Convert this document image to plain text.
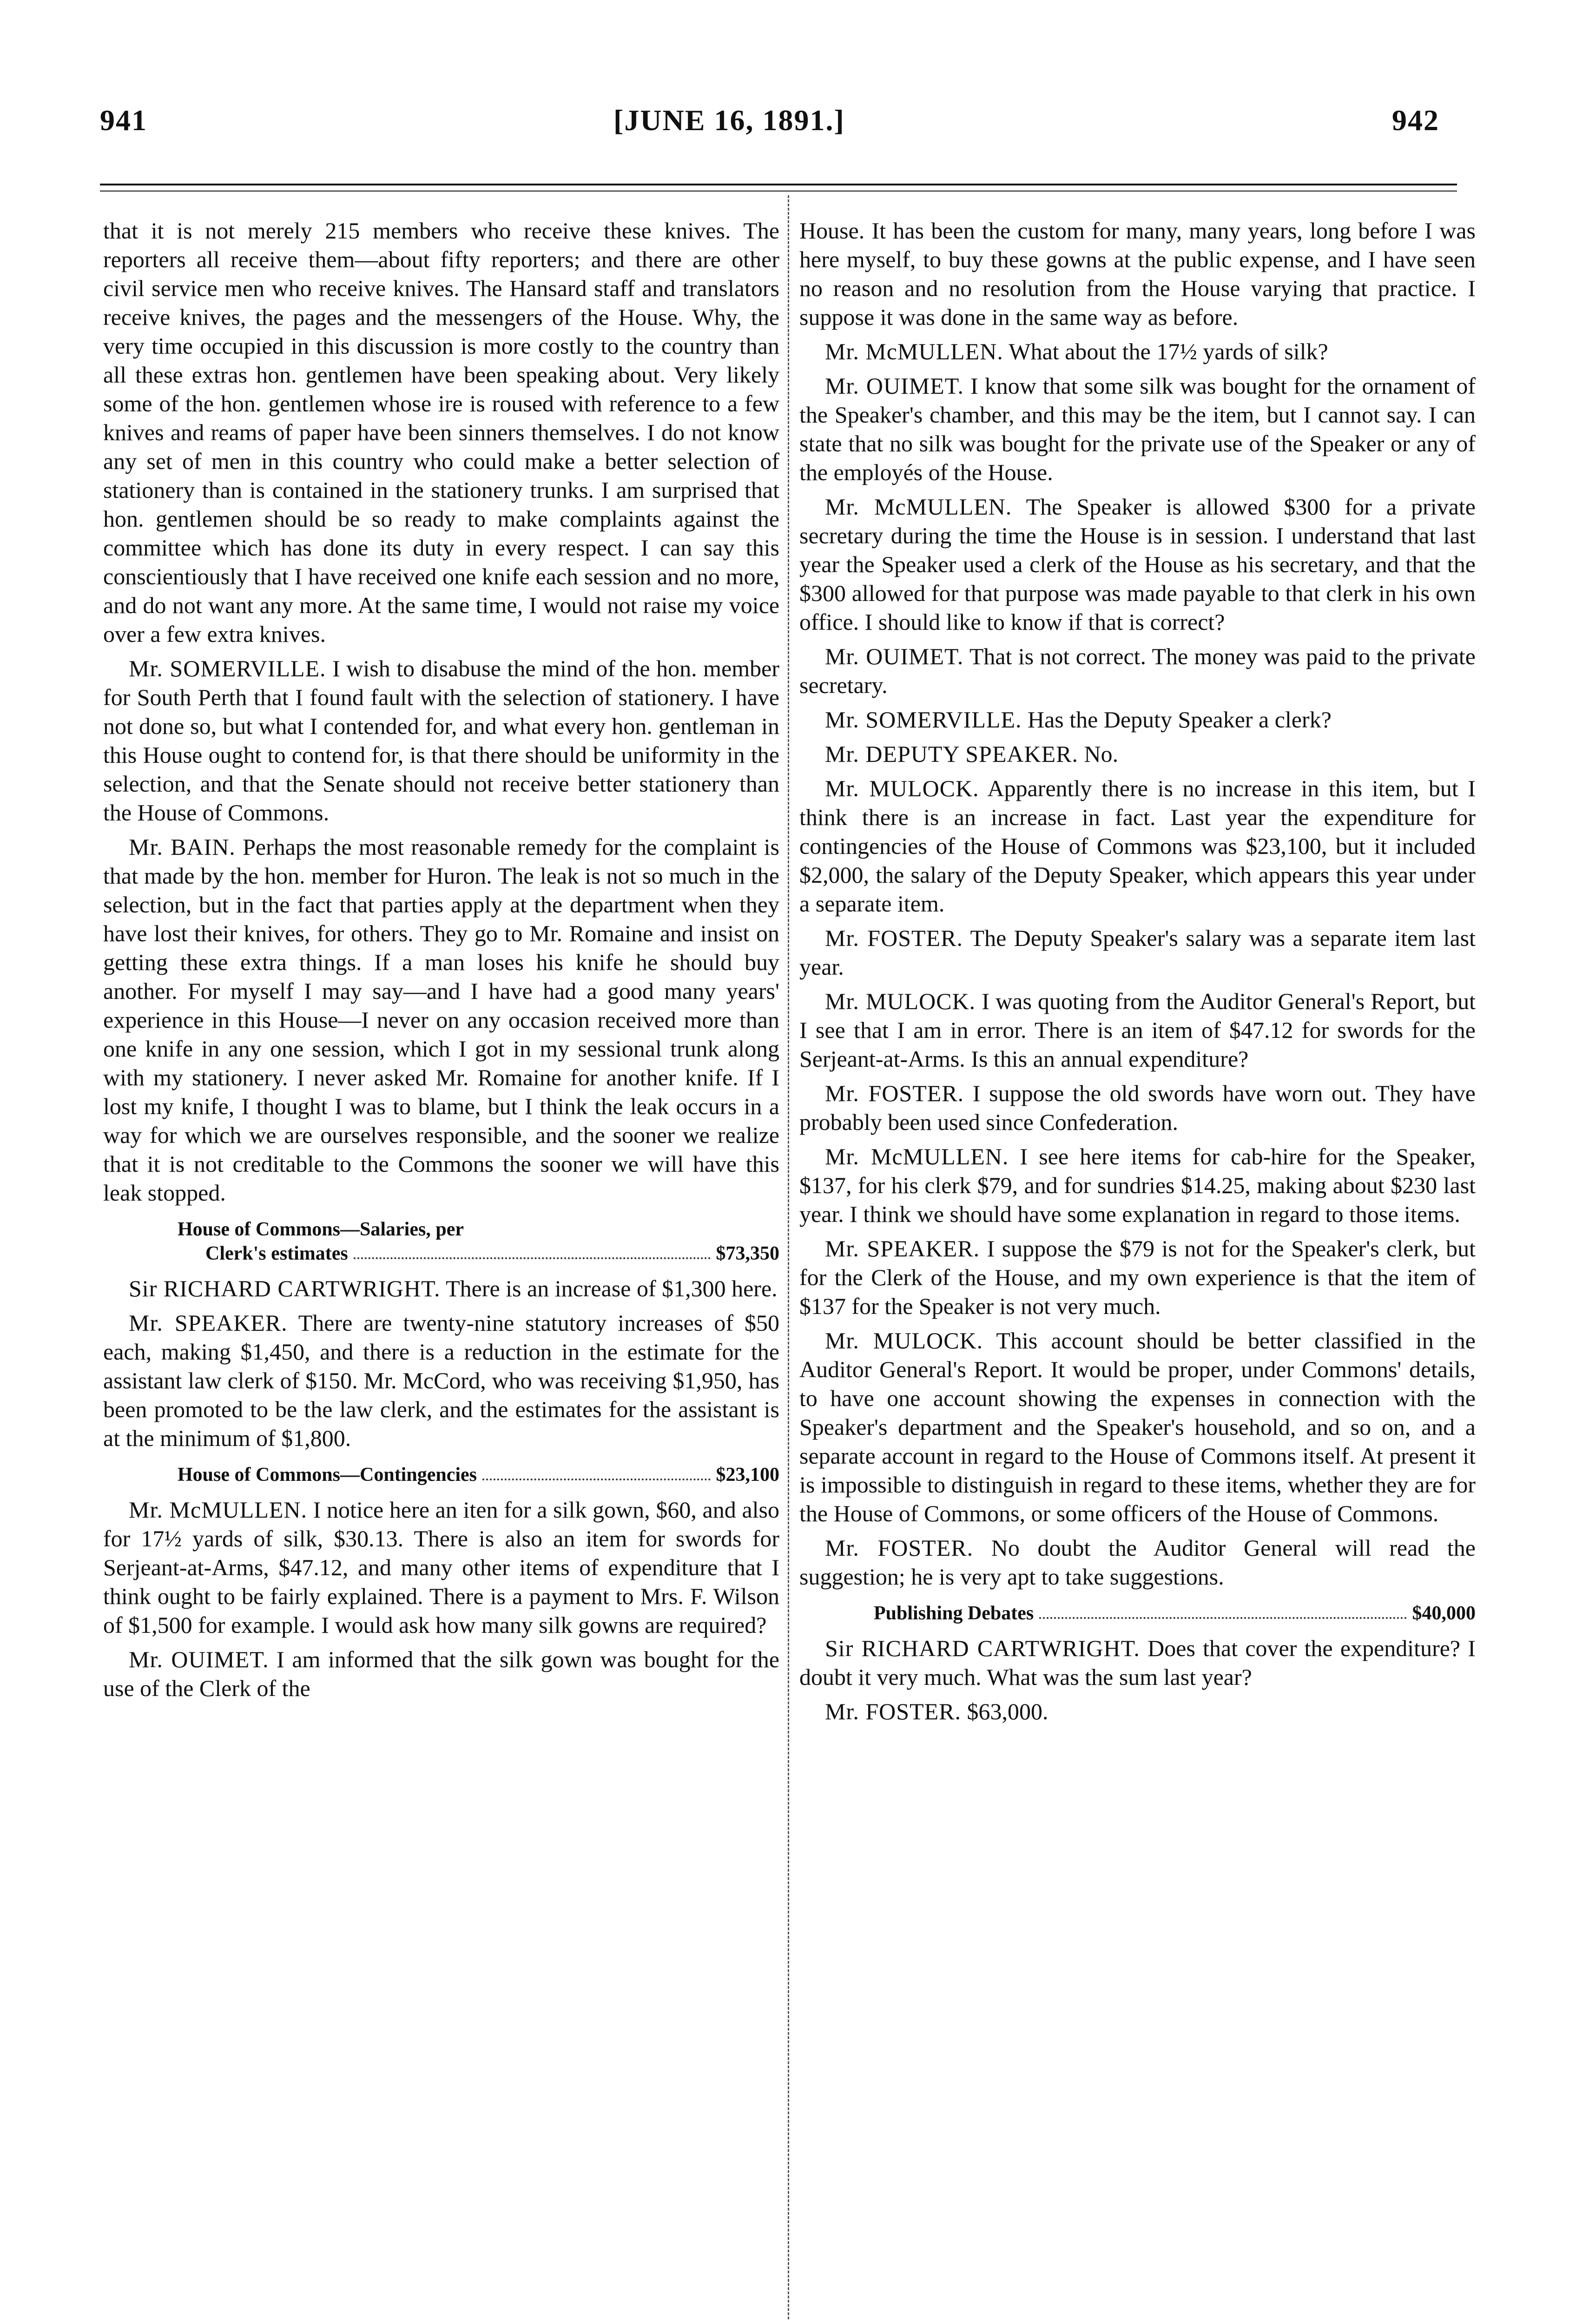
941	[JUNE 16, 1891.]	942

that it is not merely 215 members who receive these knives. The reporters all receive them—about fifty reporters; and there are other civil service men who receive knives. The Hansard staff and translators receive knives, the pages and the messengers of the House. Why, the very time occupied in this discussion is more costly to the country than all these extras hon. gentlemen have been speaking about. Very likely some of the hon. gentlemen whose ire is roused with reference to a few knives and reams of paper have been sinners themselves. I do not know any set of men in this country who could make a better selection of stationery than is contained in the stationery trunks. I am surprised that hon. gentlemen should be so ready to make complaints against the committee which has done its duty in every respect. I can say this conscientiously that I have received one knife each session and no more, and do not want any more. At the same time, I would not raise my voice over a few extra knives.

Mr. SOMERVILLE. I wish to disabuse the mind of the hon. member for South Perth that I found fault with the selection of stationery. I have not done so, but what I contended for, and what every hon. gentleman in this House ought to contend for, is that there should be uniformity in the selection, and that the Senate should not receive better stationery than the House of Commons.

Mr. BAIN. Perhaps the most reasonable remedy for the complaint is that made by the hon. member for Huron. The leak is not so much in the selection, but in the fact that parties apply at the department when they have lost their knives, for others. They go to Mr. Romaine and insist on getting these extra things. If a man loses his knife he should buy another. For myself I may say—and I have had a good many years' experience in this House—I never on any occasion received more than one knife in any one session, which I got in my sessional trunk along with my stationery. I never asked Mr. Romaine for another knife. If I lost my knife, I thought I was to blame, but I think the leak occurs in a way for which we are ourselves responsible, and the sooner we realize that it is not creditable to the Commons the sooner we will have this leak stopped.

House of Commons—Salaries, per
Clerk's estimates	$73,350

Sir RICHARD CARTWRIGHT. There is an increase of $1,300 here.

Mr. SPEAKER. There are twenty-nine statutory increases of $50 each, making $1,450, and there is a reduction in the estimate for the assistant law clerk of $150. Mr. McCord, who was receiving $1,950, has been promoted to be the law clerk, and the estimates for the assistant is at the minimum of $1,800.

House of Commons—Contingencies	$23,100

Mr. McMULLEN. I notice here an iten for a silk gown, $60, and also for 17½ yards of silk, $30.13. There is also an item for swords for Serjeant-at-Arms, $47.12, and many other items of expenditure that I think ought to be fairly explained. There is a payment to Mrs. F. Wilson of $1,500 for example. I would ask how many silk gowns are required?

Mr. OUIMET. I am informed that the silk gown was bought for the use of the Clerk of the

House. It has been the custom for many, many years, long before I was here myself, to buy these gowns at the public expense, and I have seen no reason and no resolution from the House varying that practice. I suppose it was done in the same way as before.

Mr. McMULLEN. What about the 17½ yards of silk?

Mr. OUIMET. I know that some silk was bought for the ornament of the Speaker's chamber, and this may be the item, but I cannot say. I can state that no silk was bought for the private use of the Speaker or any of the employés of the House.

Mr. McMULLEN. The Speaker is allowed $300 for a private secretary during the time the House is in session. I understand that last year the Speaker used a clerk of the House as his secretary, and that the $300 allowed for that purpose was made payable to that clerk in his own office. I should like to know if that is correct?

Mr. OUIMET. That is not correct. The money was paid to the private secretary.

Mr. SOMERVILLE. Has the Deputy Speaker a clerk?

Mr. DEPUTY SPEAKER. No.

Mr. MULOCK. Apparently there is no increase in this item, but I think there is an increase in fact. Last year the expenditure for contingencies of the House of Commons was $23,100, but it included $2,000, the salary of the Deputy Speaker, which appears this year under a separate item.

Mr. FOSTER. The Deputy Speaker's salary was a separate item last year.

Mr. MULOCK. I was quoting from the Auditor General's Report, but I see that I am in error. There is an item of $47.12 for swords for the Serjeant-at-Arms. Is this an annual expenditure?

Mr. FOSTER. I suppose the old swords have worn out. They have probably been used since Confederation.

Mr. McMULLEN. I see here items for cab-hire for the Speaker, $137, for his clerk $79, and for sundries $14.25, making about $230 last year. I think we should have some explanation in regard to those items.

Mr. SPEAKER. I suppose the $79 is not for the Speaker's clerk, but for the Clerk of the House, and my own experience is that the item of $137 for the Speaker is not very much.

Mr. MULOCK. This account should be better classified in the Auditor General's Report. It would be proper, under Commons' details, to have one account showing the expenses in connection with the Speaker's department and the Speaker's household, and so on, and a separate account in regard to the House of Commons itself. At present it is impossible to distinguish in regard to these items, whether they are for the House of Commons, or some officers of the House of Commons.

Mr. FOSTER. No doubt the Auditor General will read the suggestion; he is very apt to take suggestions.

Publishing Debates	$40,000

Sir RICHARD CARTWRIGHT. Does that cover the expenditure? I doubt it very much. What was the sum last year?

Mr. FOSTER. $63,000.
